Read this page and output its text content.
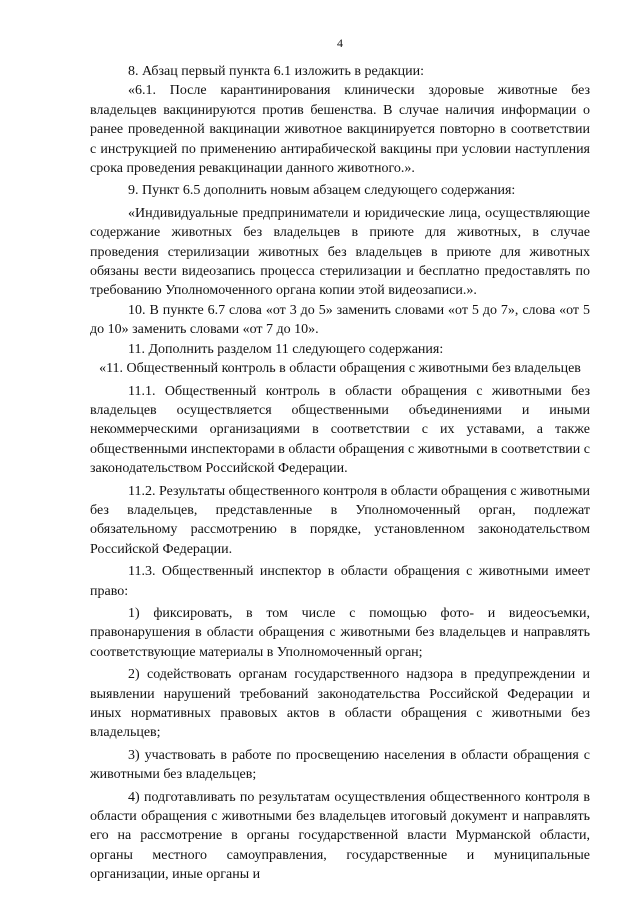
4

8. Абзац первый пункта 6.1 изложить в редакции:

«6.1. После карантинирования клинически здоровые животные без владельцев вакцинируются против бешенства. В случае наличия информации о ранее проведенной вакцинации животное вакцинируется повторно в соответствии с инструкцией по применению антирабической вакцины при условии наступления срока проведения ревакцинации данного животного.».

9. Пункт 6.5 дополнить новым абзацем следующего содержания:

«Индивидуальные предприниматели и юридические лица, осуществляющие содержание животных без владельцев в приюте для животных, в случае проведения стерилизации животных без владельцев в приюте для животных обязаны вести видеозапись процесса стерилизации и бесплатно предоставлять по требованию Уполномоченного органа копии этой видеозаписи.».

10. В пункте 6.7 слова «от 3 до 5» заменить словами «от 5 до 7», слова «от 5 до 10» заменить словами «от 7 до 10».

11. Дополнить разделом 11 следующего содержания:

«11. Общественный контроль в области обращения с животными без владельцев

11.1. Общественный контроль в области обращения с животными без владельцев осуществляется общественными объединениями и иными некоммерческими организациями в соответствии с их уставами, а также общественными инспекторами в области обращения с животными в соответствии с законодательством Российской Федерации.

11.2. Результаты общественного контроля в области обращения с животными без владельцев, представленные в Уполномоченный орган, подлежат обязательному рассмотрению в порядке, установленном законодательством Российской Федерации.

11.3. Общественный инспектор в области обращения с животными имеет право:

1) фиксировать, в том числе с помощью фото- и видеосъемки, правонарушения в области обращения с животными без владельцев и направлять соответствующие материалы в Уполномоченный орган;

2) содействовать органам государственного надзора в предупреждении и выявлении нарушений требований законодательства Российской Федерации и иных нормативных правовых актов в области обращения с животными без владельцев;

3) участвовать в работе по просвещению населения в области обращения с животными без владельцев;

4) подготавливать по результатам осуществления общественного контроля в области обращения с животными без владельцев итоговый документ и направлять его на рассмотрение в органы государственной власти Мурманской области, органы местного самоуправления, государственные и муниципальные организации, иные органы и
